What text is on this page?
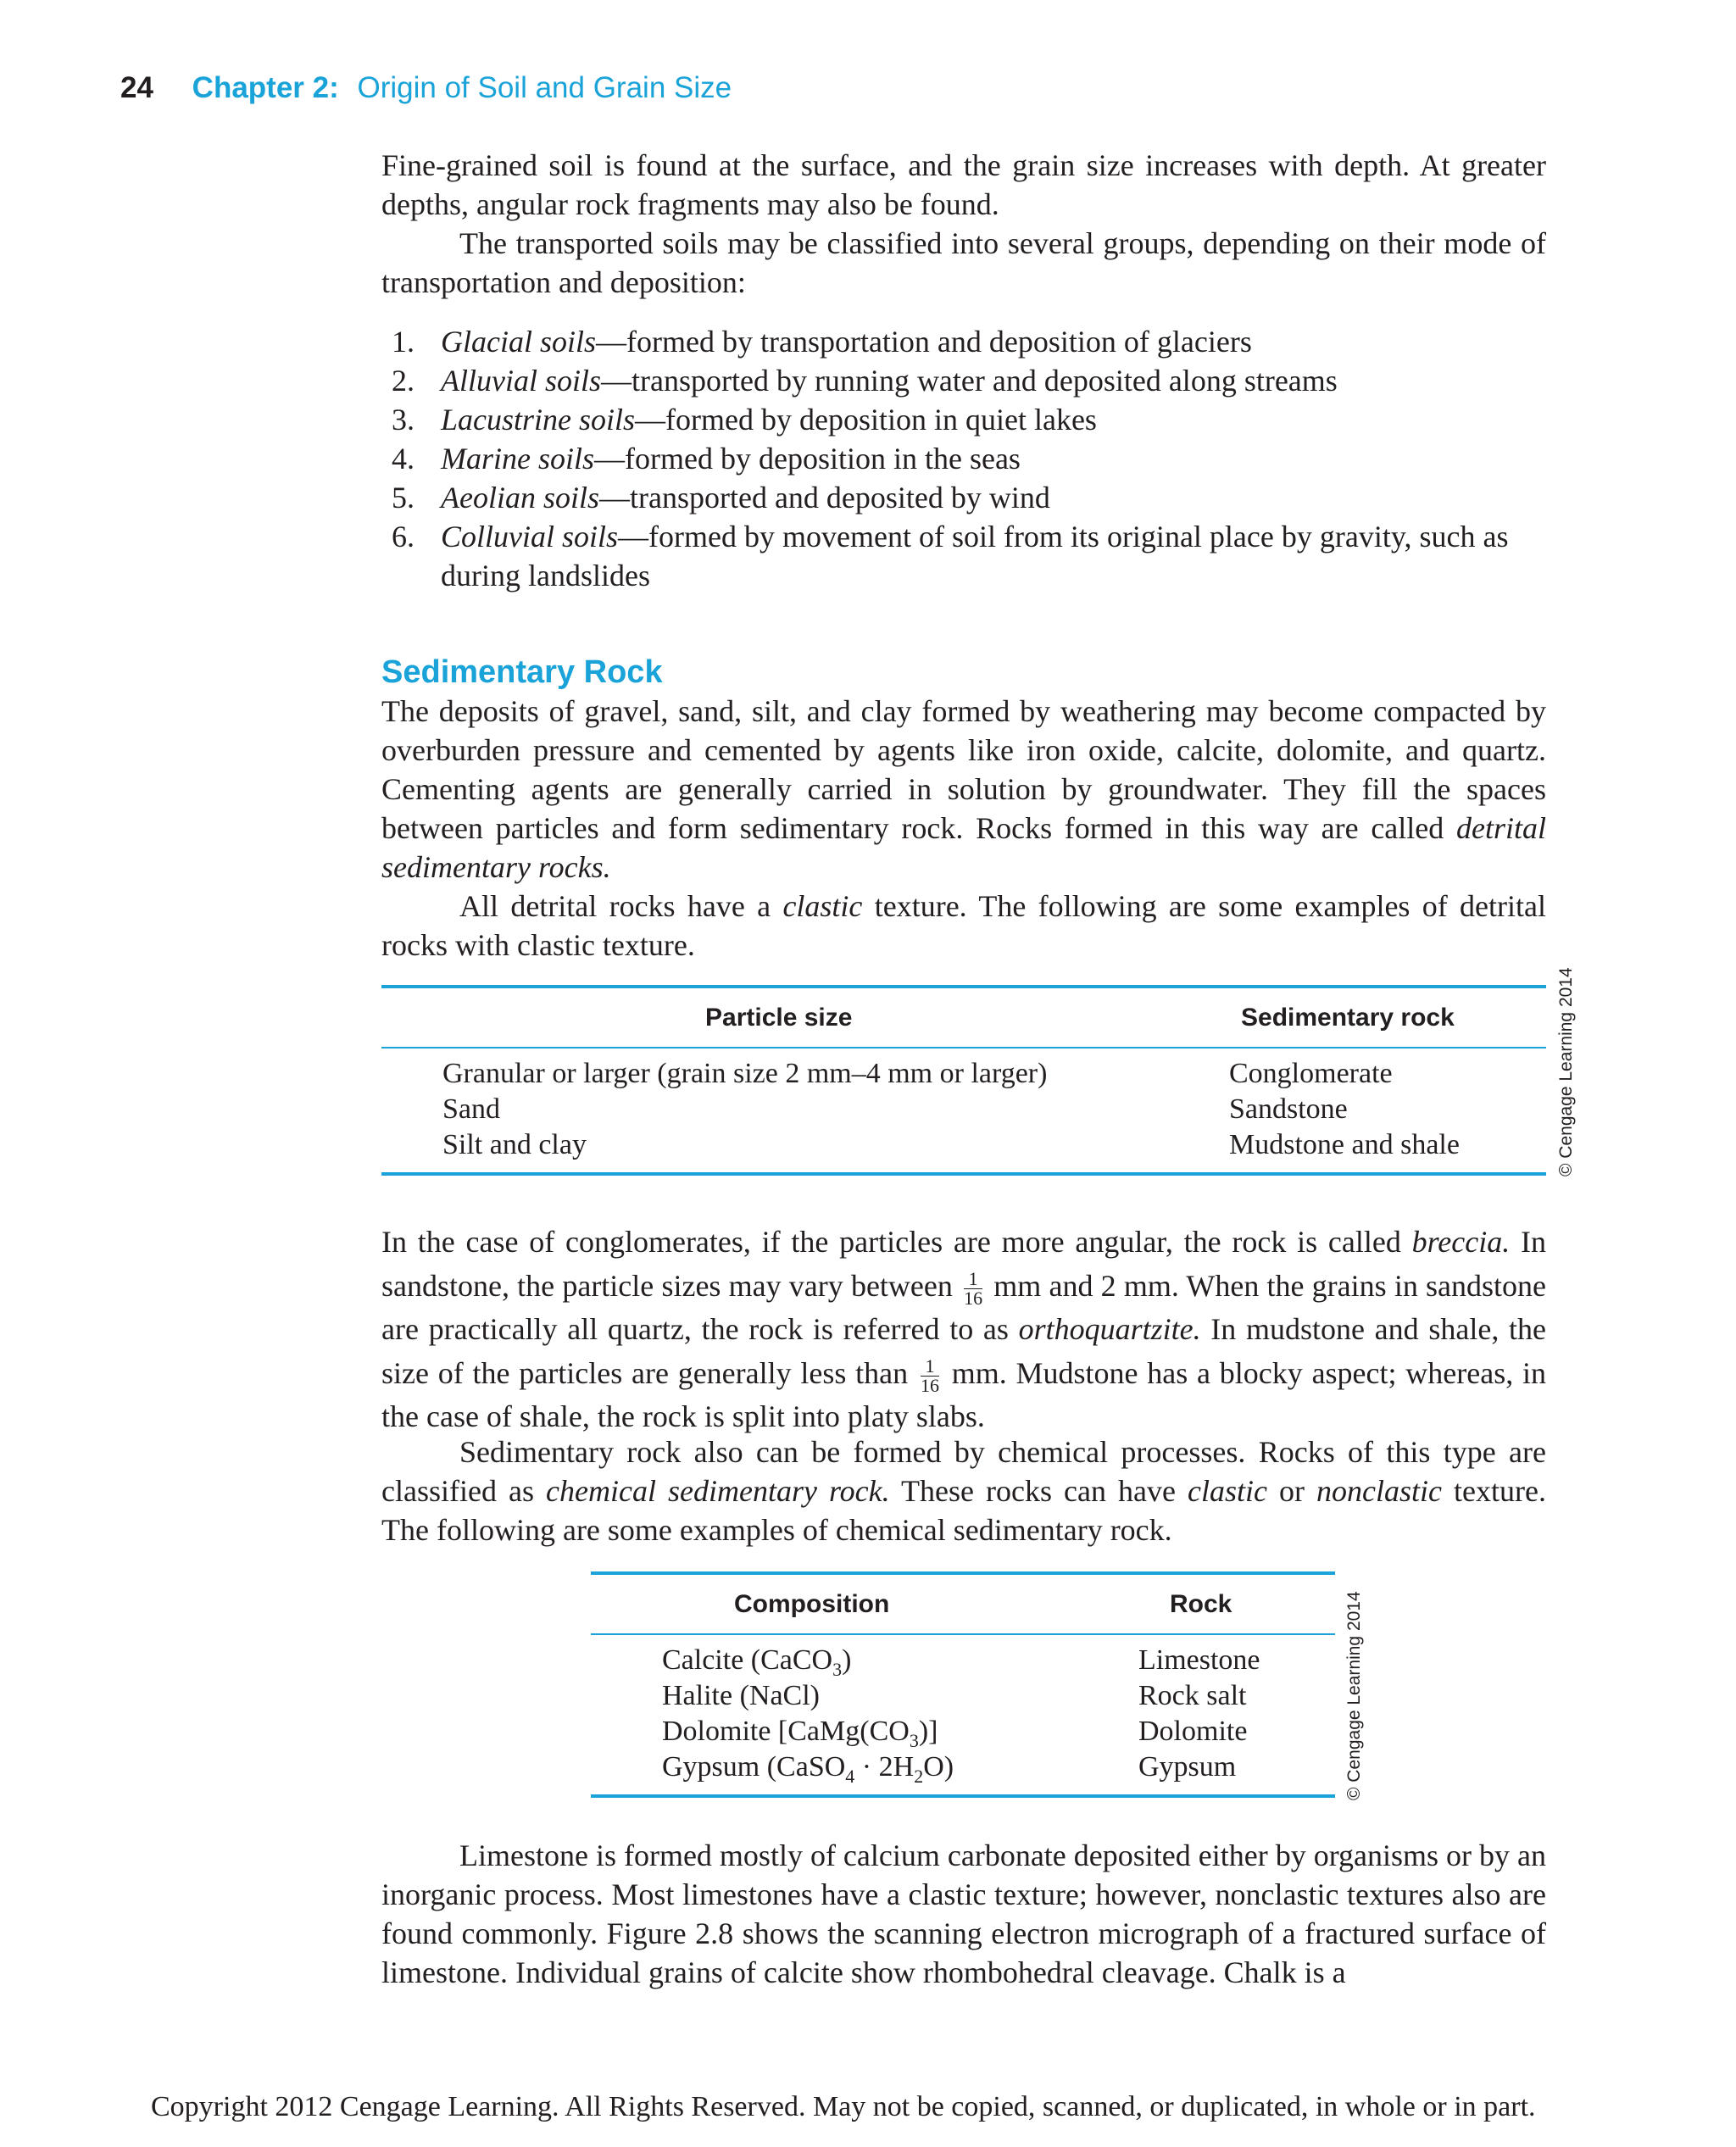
24 Chapter 2: Origin of Soil and Grain Size

Fine-grained soil is found at the surface, and the grain size increases with depth. At greater depths, angular rock fragments may also be found.

The transported soils may be classified into several groups, depending on their mode of transportation and deposition:

1. Glacial soils—formed by transportation and deposition of glaciers
2. Alluvial soils—transported by running water and deposited along streams
3. Lacustrine soils—formed by deposition in quiet lakes
4. Marine soils—formed by deposition in the seas
5. Aeolian soils—transported and deposited by wind
6. Colluvial soils—formed by movement of soil from its original place by gravity, such as during landslides
Sedimentary Rock

The deposits of gravel, sand, silt, and clay formed by weathering may become compacted by overburden pressure and cemented by agents like iron oxide, calcite, dolomite, and quartz. Cementing agents are generally carried in solution by groundwater. They fill the spaces between particles and form sedimentary rock. Rocks formed in this way are called detrital sedimentary rocks.

All detrital rocks have a clastic texture. The following are some examples of detrital rocks with clastic texture.

Particle size	Sedimentary rock
Granular or larger (grain size 2 mm–4 mm or larger)	Conglomerate
Sand	Sandstone
Silt and clay	Mudstone and shale	© Cengage Learning 2014

In the case of conglomerates, if the particles are more angular, the rock is called breccia. In sandstone, the particle sizes may vary between $\frac{1}{16}$ mm and 2 mm. When the grains in sandstone are practically all quartz, the rock is referred to as orthoquartzite. In mudstone and shale, the size of the particles are generally less than $\frac{1}{16}$ mm. Mudstone has a blocky aspect; whereas, in the case of shale, the rock is split into platy slabs.

Sedimentary rock also can be formed by chemical processes. Rocks of this type are classified as chemical sedimentary rock. These rocks can have clastic or nonclastic texture. The following are some examples of chemical sedimentary rock.

Composition	Rock
Calcite (CaCO$_3$)	Limestone
Halite (NaCl)	Rock salt
Dolomite $[CaMg(CO_3)]$	Dolomite
Gypsum (CaSO$_4$ · $2H_2O$)	Gypsum	© Cengage Learning 2014

Limestone is formed mostly of calcium carbonate deposited either by organisms or by an inorganic process. Most limestones have a clastic texture; however, nonclastic textures also are found commonly. Figure 2.8 shows the scanning electron micrograph of a fractured surface of limestone. Individual grains of calcite show rhombohedral cleavage. Chalk is a

Copyright 2012 Cengage Learning. All Rights Reserved. May not be copied, scanned, or duplicated, in whole or in part.
